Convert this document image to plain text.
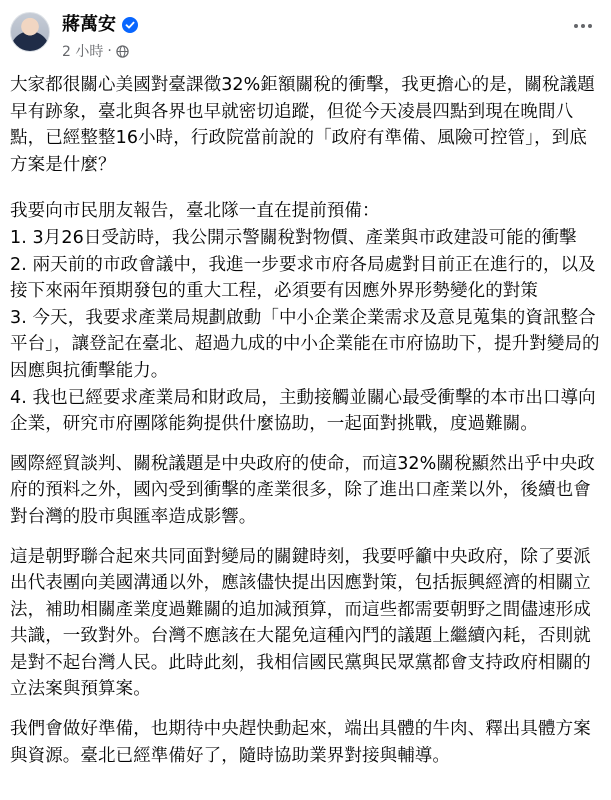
蔣萬安
2 小時 ·

大家都很關心美國對臺課徵32%鉅額關稅的衝擊，我更擔心的是，關稅議題早有跡象，臺北與各界也早就密切追蹤，但從今天凌晨四點到現在晚間八點，已經整整16小時，行政院當前說的「政府有準備、風險可控管」，到底方案是什麼？

我要向市民朋友報告，臺北隊一直在提前預備：

1. 3月26日受訪時，我公開示警關稅對物價、產業與市政建設可能的衝擊

2. 兩天前的市政會議中，我進一步要求市府各局處對目前正在進行的，以及接下來兩年預期發包的重大工程，必須要有因應外界形勢變化的對策

3. 今天，我要求產業局規劃啟動「中小企業企業需求及意見蒐集的資訊整合平台」，讓登記在臺北、超過九成的中小企業能在市府協助下，提升對變局的因應與抗衝擊能力。

4. 我也已經要求產業局和財政局，主動接觸並關心最受衝擊的本市出口導向企業，研究市府團隊能夠提供什麼協助，一起面對挑戰，度過難關。

國際經貿談判、關稅議題是中央政府的使命，而這32%關稅顯然出乎中央政府的預料之外，國內受到衝擊的產業很多，除了進出口產業以外，後續也會對台灣的股市與匯率造成影響。

這是朝野聯合起來共同面對變局的關鍵時刻，我要呼籲中央政府，除了要派出代表團向美國溝通以外，應該儘快提出因應對策，包括振興經濟的相關立法，補助相關產業度過難關的追加減預算，而這些都需要朝野之間儘速形成共識，一致對外。台灣不應該在大罷免這種內鬥的議題上繼續內耗，否則就是對不起台灣人民。此時此刻，我相信國民黨與民眾黨都會支持政府相關的立法案與預算案。

我們會做好準備，也期待中央趕快動起來，端出具體的牛肉、釋出具體方案與資源。臺北已經準備好了，隨時協助業界對接與輔導。
